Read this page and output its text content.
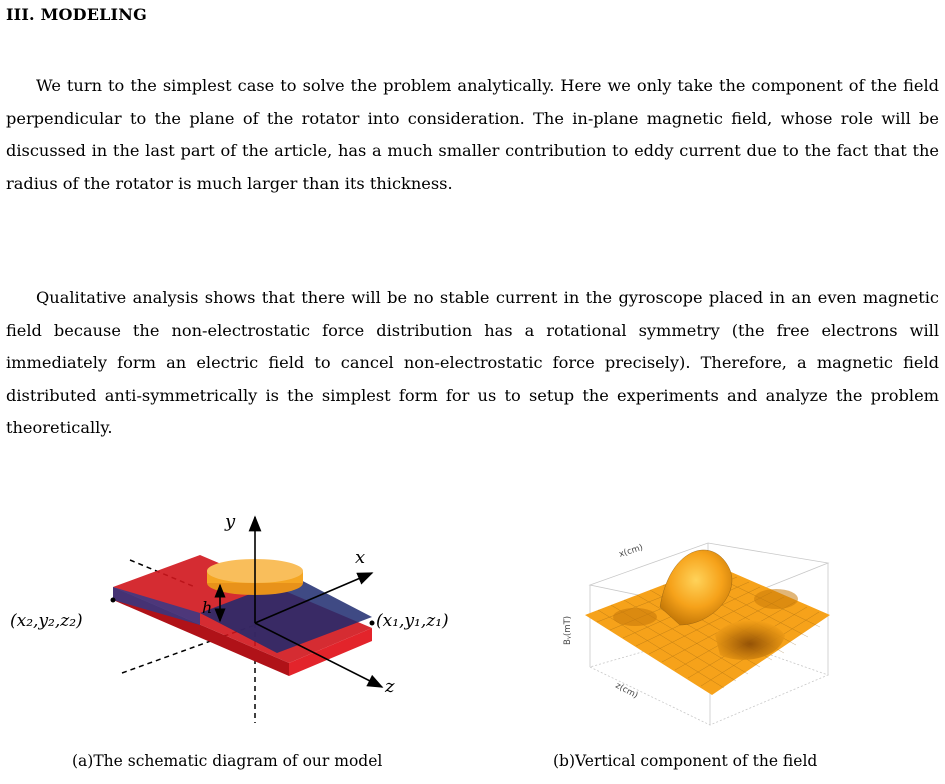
III. MODELING

We turn to the simplest case to solve the problem analytically. Here we only take the component of the field perpendicular to the plane of the rotator into consideration. The in-plane magnetic field, whose role will be discussed in the last part of the article, has a much smaller contribution to eddy current due to the fact that the radius of the rotator is much larger than its thickness.

Qualitative analysis shows that there will be no stable current in the gyroscope placed in an even magnetic field because the non-electrostatic force distribution has a rotational symmetry (the free electrons will immediately form an electric field to cancel non-electrostatic force precisely). Therefore, a magnetic field distributed anti-symmetrically is the simplest form for us to setup the experiments and analyze the problem theoretically.

y
x
z
h
(x₂,y₂,z₂)	(x₁,y₁,z₁)
x(cm)
Bᵧ(mT)
z(cm)
(a)The schematic diagram of our model	(b)Vertical component of the field
